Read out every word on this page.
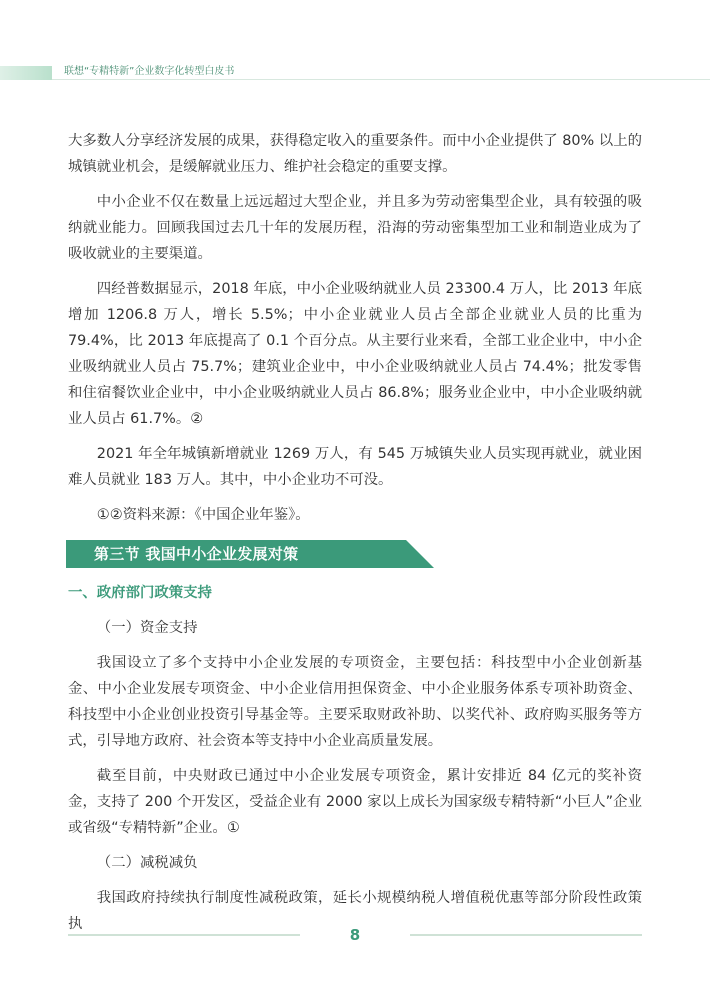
联想“专精特新”企业数字化转型白皮书

大多数人分享经济发展的成果，获得稳定收入的重要条件。而中小企业提供了 80% 以上的城镇就业机会，是缓解就业压力、维护社会稳定的重要支撑。

中小企业不仅在数量上远远超过大型企业，并且多为劳动密集型企业，具有较强的吸纳就业能力。回顾我国过去几十年的发展历程，沿海的劳动密集型加工业和制造业成为了吸收就业的主要渠道。

四经普数据显示，2018 年底，中小企业吸纳就业人员 23300.4 万人，比 2013 年底增加 1206.8 万人，增长 5.5%；中小企业就业人员占全部企业就业人员的比重为 79.4%，比 2013 年底提高了 0.1 个百分点。从主要行业来看，全部工业企业中，中小企业吸纳就业人员占 75.7%；建筑业企业中，中小企业吸纳就业人员占 74.4%；批发零售和住宿餐饮业企业中，中小企业吸纳就业人员占 86.8%；服务业企业中，中小企业吸纳就业人员占 61.7%。②

2021 年全年城镇新增就业 1269 万人，有 545 万城镇失业人员实现再就业，就业困难人员就业 183 万人。其中，中小企业功不可没。

①②资料来源：《中国企业年鉴》。

第三节 我国中小企业发展对策

一、政府部门政策支持

（一）资金支持

我国设立了多个支持中小企业发展的专项资金，主要包括：科技型中小企业创新基金、中小企业发展专项资金、中小企业信用担保资金、中小企业服务体系专项补助资金、科技型中小企业创业投资引导基金等。主要采取财政补助、以奖代补、政府购买服务等方式，引导地方政府、社会资本等支持中小企业高质量发展。

截至目前，中央财政已通过中小企业发展专项资金，累计安排近 84 亿元的奖补资金，支持了 200 个开发区，受益企业有 2000 家以上成长为国家级专精特新“小巨人”企业或省级“专精特新”企业。①

（二）减税减负

我国政府持续执行制度性减税政策，延长小规模纳税人增值税优惠等部分阶段性政策执

8
